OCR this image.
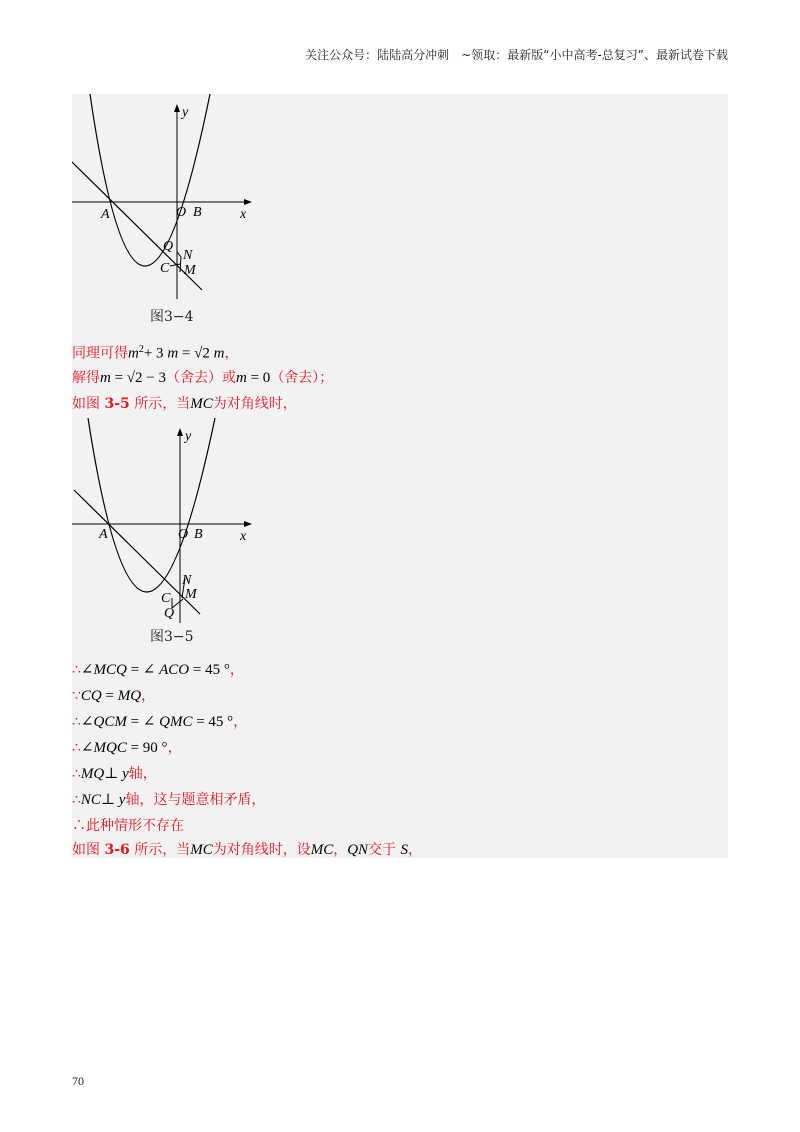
关注公众号：陆陆高分冲刺　~领取：最新版“小中高考-总复习”、最新试卷下载
y
x
A	O B
Q
N
C M
图3−4
同理可得$m^2+ 3$ m = √2 m，
解得m = √2 − 3（舍去）或m = 0（舍去）；
如图 3-5 所示，当MC为对角线时，
y
x
A	O B
N
C M
Q
图3−5
∴∠MCQ = ∠ ACO = 45 °，
∵CQ = MQ，
∴∠QCM = ∠ QMC = 45 °，
∴∠MQC = 90 °，
∴MQ⊥ y轴，
∴NC⊥ y轴，这与题意相矛盾，
∴此种情形不存在
如图 3-6 所示，当MC为对角线时，设MC，QN交于 S，
70
